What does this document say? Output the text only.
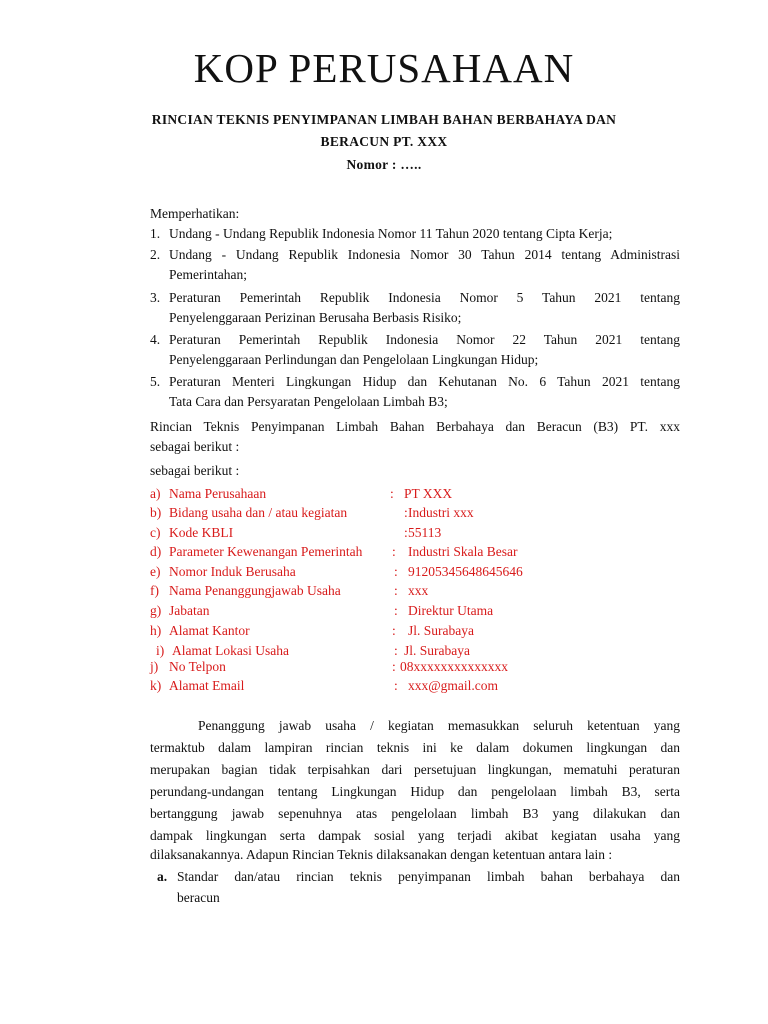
KOP PERUSAHAAN
RINCIAN TEKNIS PENYIMPANAN LIMBAH BAHAN BERBAHAYA DAN
BERACUN PT. XXX
Nomor : …..
Memperhatikan:
1. Undang - Undang Republik Indonesia Nomor 11 Tahun 2020 tentang Cipta Kerja;
2. Undang - Undang Republik Indonesia Nomor 30 Tahun 2014 tentang Administrasi
Pemerintahan;
3. Peraturan Pemerintah Republik Indonesia Nomor 5 Tahun 2021 tentang
Penyelenggaraan Perizinan Berusaha Berbasis Risiko;
4. Peraturan Pemerintah Republik Indonesia Nomor 22 Tahun 2021 tentang
Penyelenggaraan Perlindungan dan Pengelolaan Lingkungan Hidup;
5. Peraturan Menteri Lingkungan Hidup dan Kehutanan No. 6 Tahun 2021 tentang
Tata Cara dan Persyaratan Pengelolaan Limbah B3;
Rincian Teknis Penyimpanan Limbah Bahan Berbahaya dan Beracun (B3) PT. xxx
sebagai berikut :
sebagai berikut :
a) Nama Perusahaan	: PT XXX
b) Bidang usaha dan / atau kegiatan	: Industri xxx
c) Kode KBLI	: 55113
d) Parameter Kewenangan Pemerintah : Industri Skala Besar
e) Nomor Induk Berusaha	: 91205345648645646
f) Nama Penanggungjawab Usaha	: xxx
g) Jabatan	: Direktur Utama
h) Alamat Kantor	: Jl. Surabaya
i) Alamat Lokasi Usaha	: Jl. Surabaya
j) No Telpon	: 08xxxxxxxxxxxxxx
k) Alamat Email	: xxx@gmail.com
Penanggung jawab usaha / kegiatan memasukkan seluruh ketentuan yang
termaktub dalam lampiran rincian teknis ini ke dalam dokumen lingkungan dan
merupakan bagian tidak terpisahkan dari persetujuan lingkungan, mematuhi peraturan
perundang-undangan tentang Lingkungan Hidup dan pengelolaan limbah B3, serta
bertanggung jawab sepenuhnya atas pengelolaan limbah B3 yang dilakukan dan
dampak lingkungan serta dampak sosial yang terjadi akibat kegiatan usaha yang
dilaksanakannya. Adapun Rincian Teknis dilaksanakan dengan ketentuan antara lain :
a. Standar dan/atau rincian teknis penyimpanan limbah bahan berbahaya dan
beracun
